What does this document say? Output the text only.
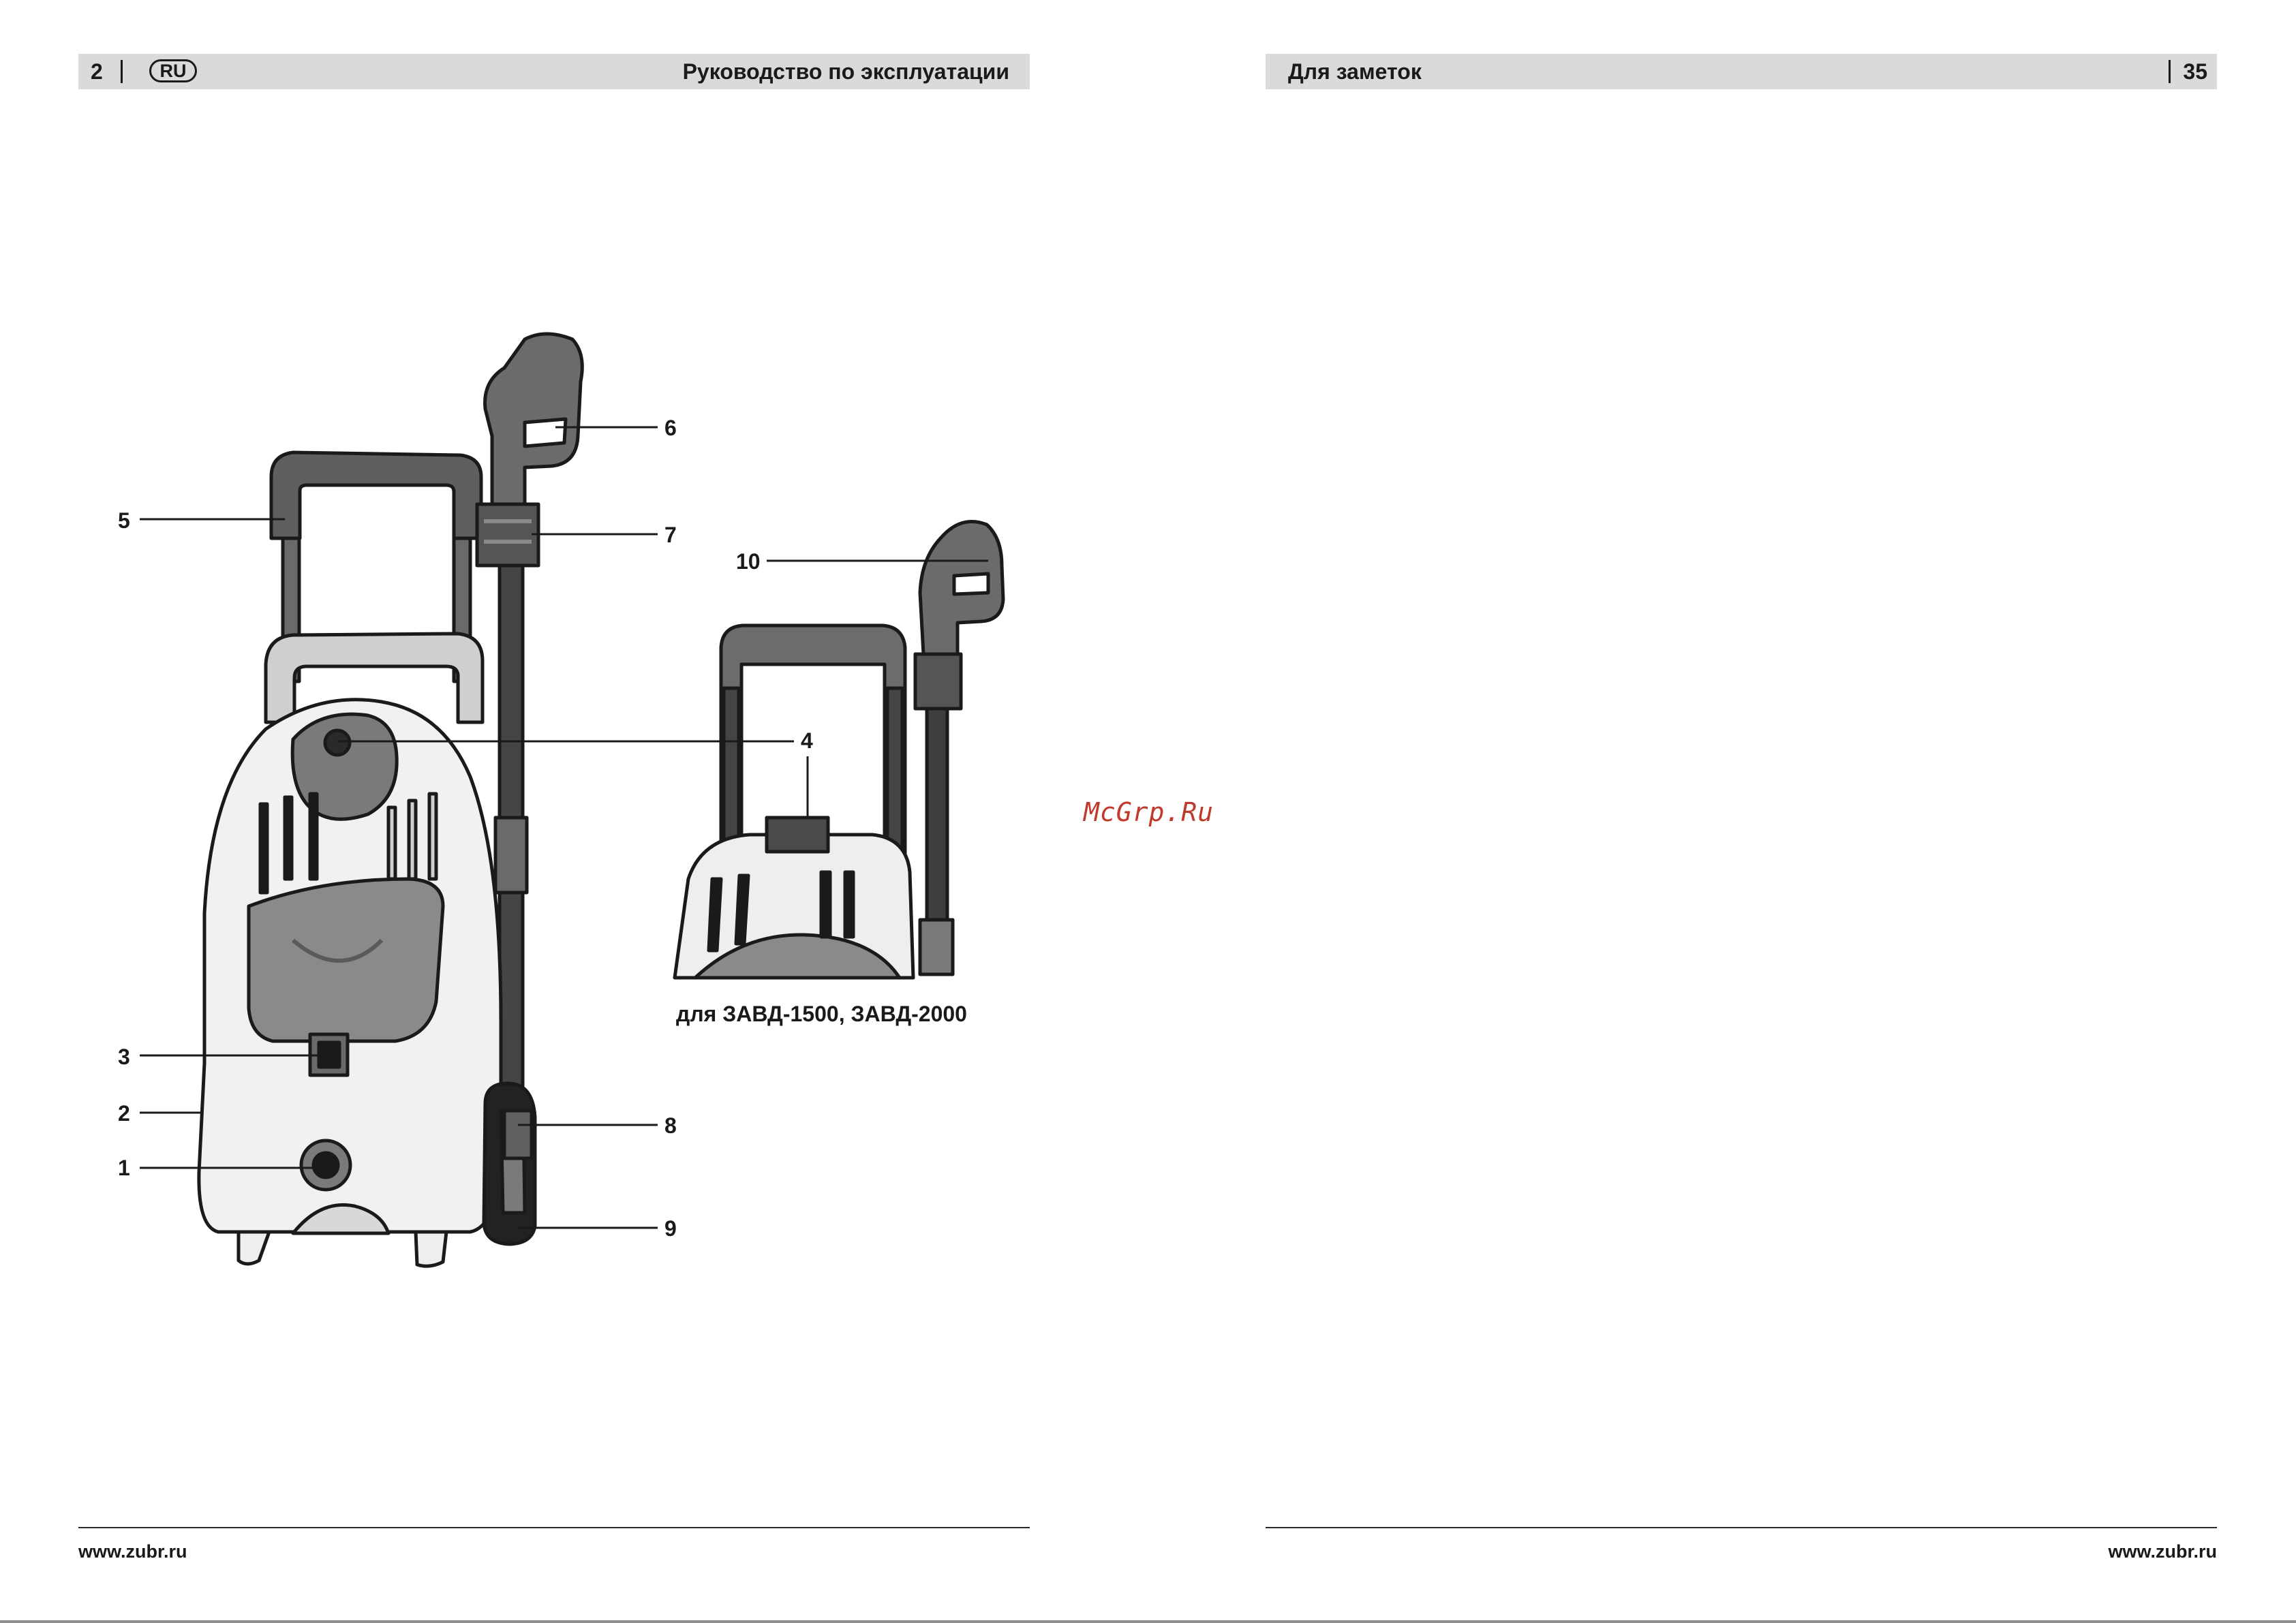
2	RU	Руководство по эксплуатации
1
2
3
4
5
6
7
8
9
10
для ЗАВД-1500, ЗАВД-2000
www.zubr.ru
McGrp.Ru
Для заметок	35
www.zubr.ru
